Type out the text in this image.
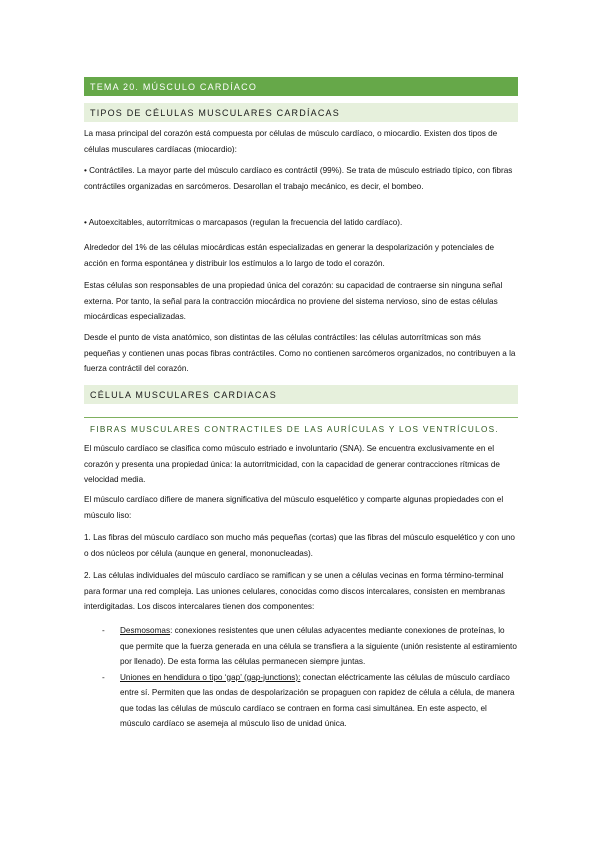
TEMA 20. MÚSCULO CARDÍACO
TIPOS DE CÉLULAS MUSCULARES CARDÍACAS

La masa principal del corazón está compuesta por células de músculo cardíaco, o miocardio. Existen dos tipos de células musculares cardíacas (miocardio):

• Contráctiles. La mayor parte del músculo cardíaco es contráctil (99%). Se trata de músculo estriado típico, con fibras contráctiles organizadas en sarcómeros. Desarollan el trabajo mecánico, es decir, el bombeo.

• Autoexcitables, autorrítmicas o marcapasos (regulan la frecuencia del latido cardíaco).

Alrededor del 1% de las células miocárdicas están especializadas en generar la despolarización y potenciales de acción en forma espontánea y distribuir los estímulos a lo largo de todo el corazón.

Estas células son responsables de una propiedad única del corazón: su capacidad de contraerse sin ninguna señal externa. Por tanto, la señal para la contracción miocárdica no proviene del sistema nervioso, sino de estas células miocárdicas especializadas.

Desde el punto de vista anatómico, son distintas de las células contráctiles: las células autorrítmicas son más pequeñas y contienen unas pocas fibras contráctiles. Como no contienen sarcómeros organizados, no contribuyen a la fuerza contráctil del corazón.

CÉLULA MUSCULARES CARDIACAS
FIBRAS MUSCULARES CONTRACTILES DE LAS AURÍCULAS Y LOS VENTRÍCULOS.

El músculo cardíaco se clasifica como músculo estriado e involuntario (SNA). Se encuentra exclusivamente en el corazón y presenta una propiedad única: la autorritmicidad, con la capacidad de generar contracciones rítmicas de velocidad media.

El músculo cardíaco difiere de manera significativa del músculo esquelético y comparte algunas propiedades con el músculo liso:

1. Las fibras del músculo cardíaco son mucho más pequeñas (cortas) que las fibras del músculo esquelético y con uno o dos núcleos por célula (aunque en general, mononucleadas).

2. Las células individuales del músculo cardíaco se ramifican y se unen a células vecinas en forma término-terminal para formar una red compleja. Las uniones celulares, conocidas como discos intercalares, consisten en membranas interdigitadas. Los discos intercalares tienen dos componentes:

- Desmosomas: conexiones resistentes que unen células adyacentes mediante conexiones de proteínas, lo que permite que la fuerza generada en una célula se transfiera a la siguiente (unión resistente al estiramiento por llenado). De esta forma las células permanecen siempre juntas.
- Uniones en hendidura o tipo ‘gap’ (gap-junctions): conectan eléctricamente las células de músculo cardíaco entre sí. Permiten que las ondas de despolarización se propaguen con rapidez de célula a célula, de manera que todas las células de músculo cardíaco se contraen en forma casi simultánea. En este aspecto, el músculo cardíaco se asemeja al músculo liso de unidad única.
